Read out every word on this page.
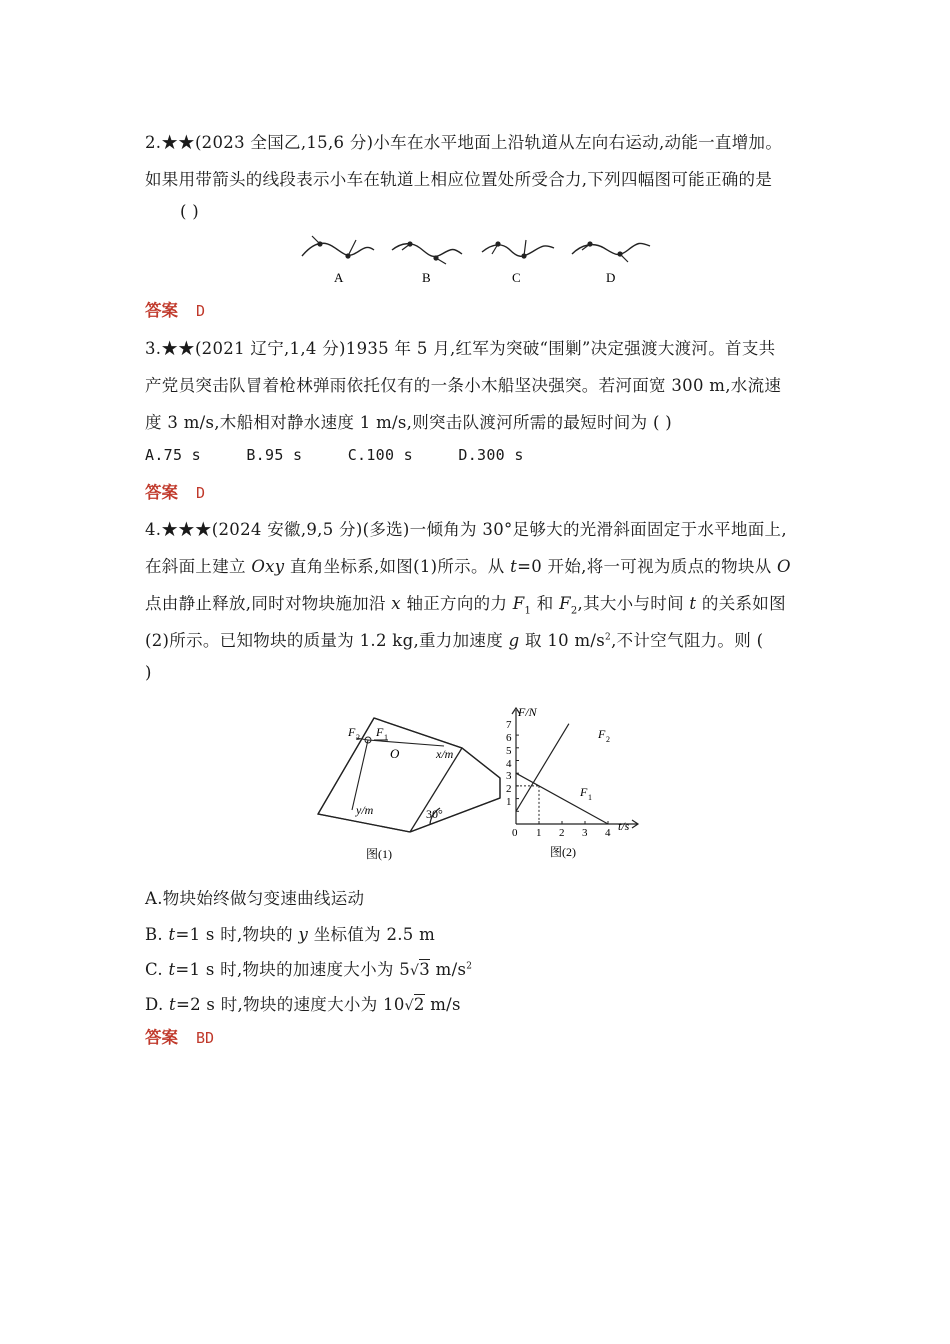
2.★★(2023 全国乙,15,6 分)小车在水平地面上沿轨道从左向右运动,动能一直增加。
如果用带箭头的线段表示小车在轨道上相应位置处所受合力,下列四幅图可能正确的是
( )
A	B	C	D
答案 D
3.★★(2021 辽宁,1,4 分)1935 年 5 月,红军为突破“围剿”决定强渡大渡河。首支共
产党员突击队冒着枪林弹雨依托仅有的一条小木船坚决强突。若河面宽 300 m,水流速
度 3 m/s,木船相对静水速度 1 m/s,则突击队渡河所需的最短时间为 ( )
A.75 s	B.95 s	C.100 s	D.300 s
答案 D
4.★★★(2024 安徽,9,5 分)(多选)一倾角为 30°足够大的光滑斜面固定于水平地面上,
在斜面上建立 Oxy 直角坐标系,如图(1)所示。从 t=0 开始,将一可视为质点的物块从 O
点由静止释放,同时对物块施加沿 x 轴正方向的力 $F_1$ 和 $F_2$,其大小与时间 t 的关系如图
(2)所示。已知物块的质量为 1.2 kg,重力加速度 g 取 10 $m/s^2$,不计空气阻力。则 (
)
F 2 F 1
O	x/m
y/m	30°
图(1)
F/N
t/s
1
2
3
4
5
6
7
0 1 2 3 4
F 2
F 1
图(2)
A.物块始终做匀变速曲线运动
B. t=1 s 时,物块的 y 坐标值为 2.5 m
C. t=1 s 时,物块的加速度大小为 5√3 $m/s^2$
D. t=2 s 时,物块的速度大小为 10√2 m/s
答案 BD
